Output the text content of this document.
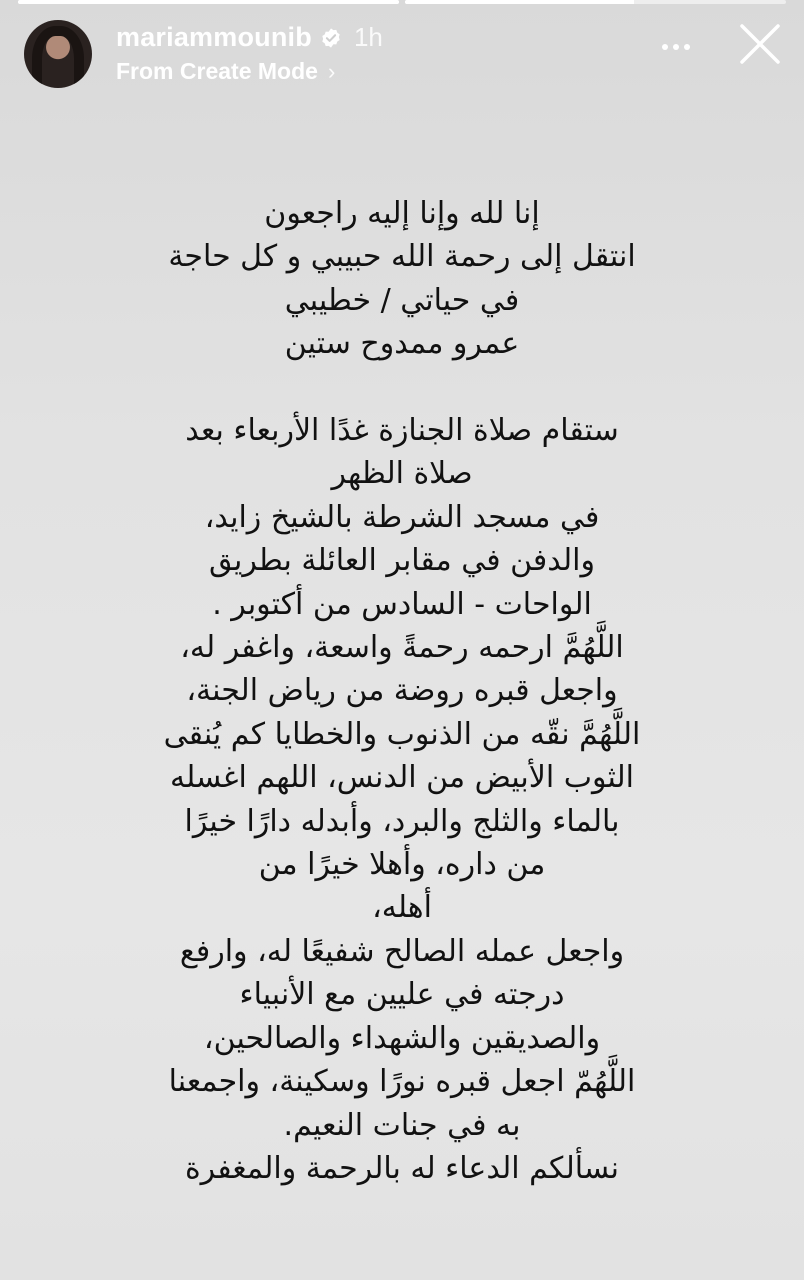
mariammounib 1h
From Create Mode ›
إنا لله وإنا إليه راجعون
انتقل إلى رحمة الله حبيبي و كل حاجة
في حياتي / خطيبي
عمرو ممدوح ستين
ستقام صلاة الجنازة غدًا الأربعاء بعد
صلاة الظهر
في مسجد الشرطة بالشيخ زايد،
والدفن في مقابر العائلة بطريق
الواحات - السادس من أكتوبر .
اللَّهُمَّ ارحمه رحمةً واسعة، واغفر له،
واجعل قبره روضة من رياض الجنة،
اللَّهُمَّ نقّه من الذنوب والخطايا كم يُنقى
الثوب الأبيض من الدنس، اللهم اغسله
بالماء والثلج والبرد، وأبدله دارًا خيرًا
من داره، وأهلا خيرًا من
أهله،
واجعل عمله الصالح شفيعًا له، وارفع
درجته في عليين مع الأنبياء
والصديقين والشهداء والصالحين،
اللَّهُمّ اجعل قبره نورًا وسكينة، واجمعنا
به في جنات النعيم.
نسألكم الدعاء له بالرحمة والمغفرة
